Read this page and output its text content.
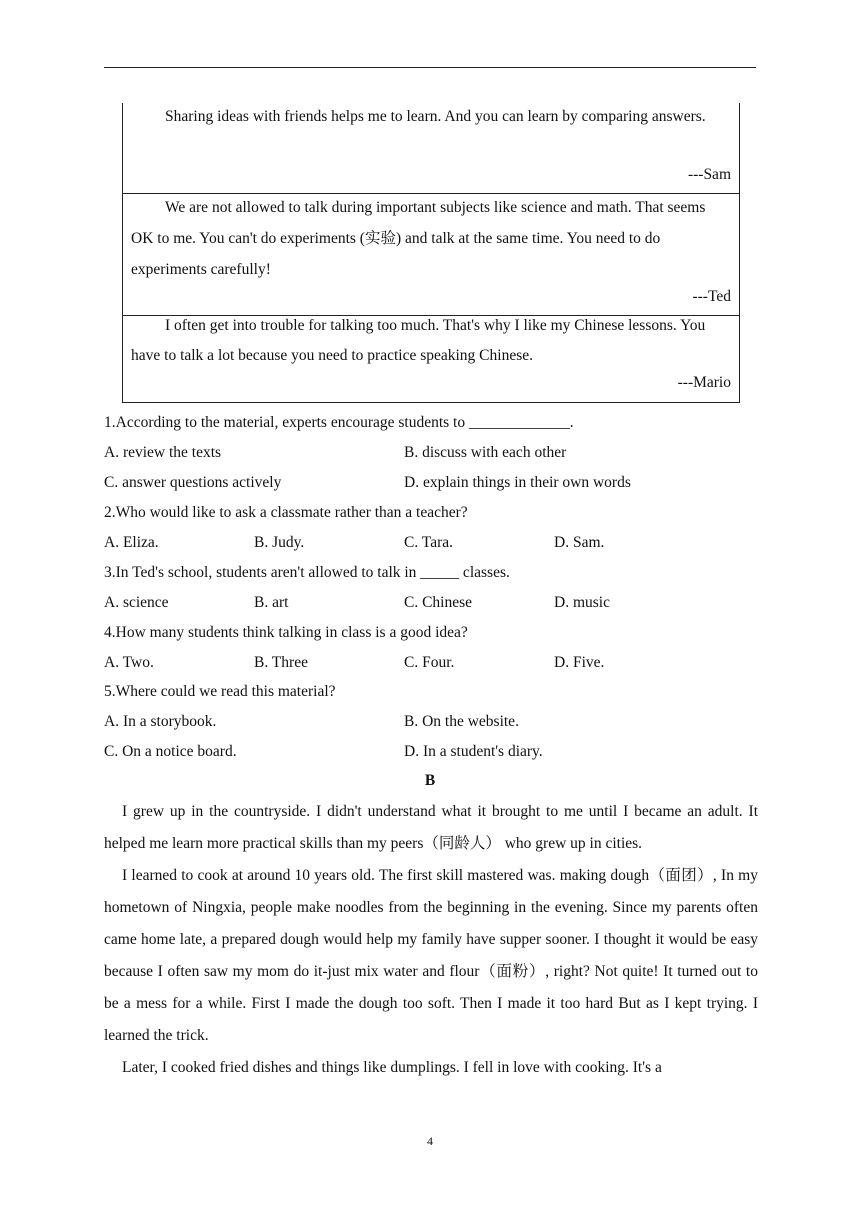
Sharing ideas with friends helps me to learn. And you can learn by comparing answers.

---Sam

We are not allowed to talk during important subjects like science and math. That seems OK to me. You can't do experiments (实验) and talk at the same time. You need to do experiments carefully!

---Ted

I often get into trouble for talking too much. That's why I like my Chinese lessons. You have to talk a lot because you need to practice speaking Chinese.

---Mario
1.According to the material, experts encourage students to _____________.
A. review the texts	B. discuss with each other
C. answer questions actively	D. explain things in their own words
2.Who would like to ask a classmate rather than a teacher?
A. Eliza.	B. Judy.	C. Tara.	D. Sam.
3.In Ted's school, students aren't allowed to talk in _____ classes.
A. science	B. art	C. Chinese	D. music
4.How many students think talking in class is a good idea?
A. Two.	B. Three	C. Four.	D. Five.
5.Where could we read this material?
A. In a storybook.	B. On the website.
C. On a notice board.	D. In a student's diary.
B

I grew up in the countryside. I didn't understand what it brought to me until I became an adult. It helped me learn more practical skills than my peers（同龄人） who grew up in cities.

I learned to cook at around 10 years old. The first skill mastered was. making dough（面团）, In my hometown of Ningxia, people make noodles from the beginning in the evening. Since my parents often came home late, a prepared dough would help my family have supper sooner. I thought it would be easy because I often saw my mom do it-just mix water and flour（面粉）, right? Not quite! It turned out to be a mess for a while. First I made the dough too soft. Then I made it too hard But as I kept trying. I learned the trick.

Later, I cooked fried dishes and things like dumplings. I fell in love with cooking. It's a

4
